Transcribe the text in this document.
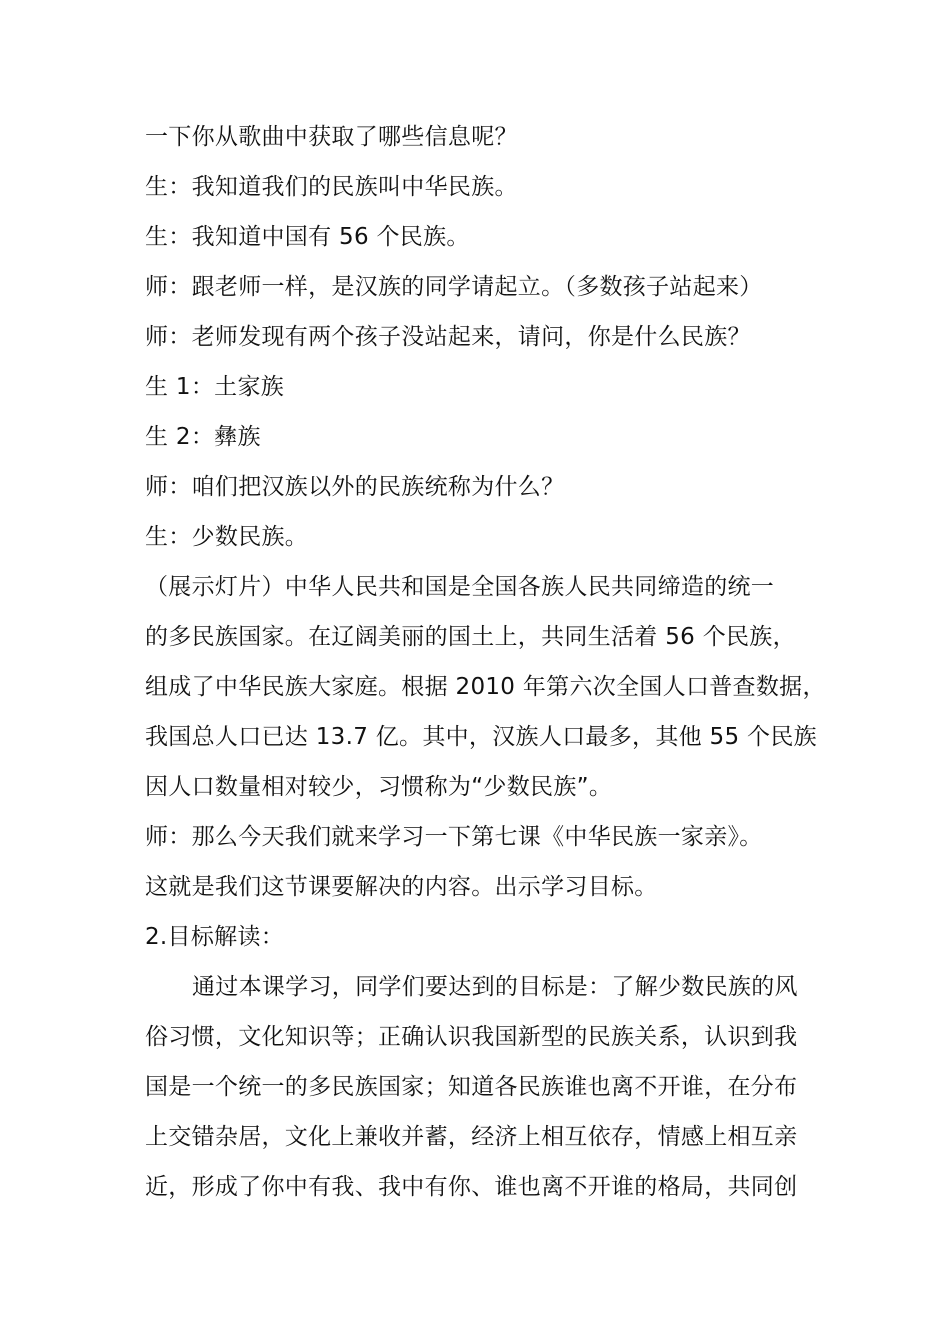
一下你从歌曲中获取了哪些信息呢？
生：我知道我们的民族叫中华民族。
生：我知道中国有 56 个民族。
师：跟老师一样，是汉族的同学请起立。（多数孩子站起来）
师：老师发现有两个孩子没站起来，请问，你是什么民族？
生 1：土家族
生 2：彝族
师：咱们把汉族以外的民族统称为什么？
生：少数民族。
（展示灯片）中华人民共和国是全国各族人民共同缔造的统一
的多民族国家。在辽阔美丽的国土上，共同生活着 56 个民族，
组成了中华民族大家庭。根据 2010 年第六次全国人口普查数据，
我国总人口已达 13.7 亿。其中，汉族人口最多，其他 55 个民族
因人口数量相对较少，习惯称为“少数民族”。
师：那么今天我们就来学习一下第七课《中华民族一家亲》。
这就是我们这节课要解决的内容。出示学习目标。
2.目标解读：
通过本课学习，同学们要达到的目标是：了解少数民族的风
俗习惯，文化知识等；正确认识我国新型的民族关系，认识到我
国是一个统一的多民族国家；知道各民族谁也离不开谁，在分布
上交错杂居，文化上兼收并蓄，经济上相互依存，情感上相互亲
近，形成了你中有我、我中有你、谁也离不开谁的格局，共同创
